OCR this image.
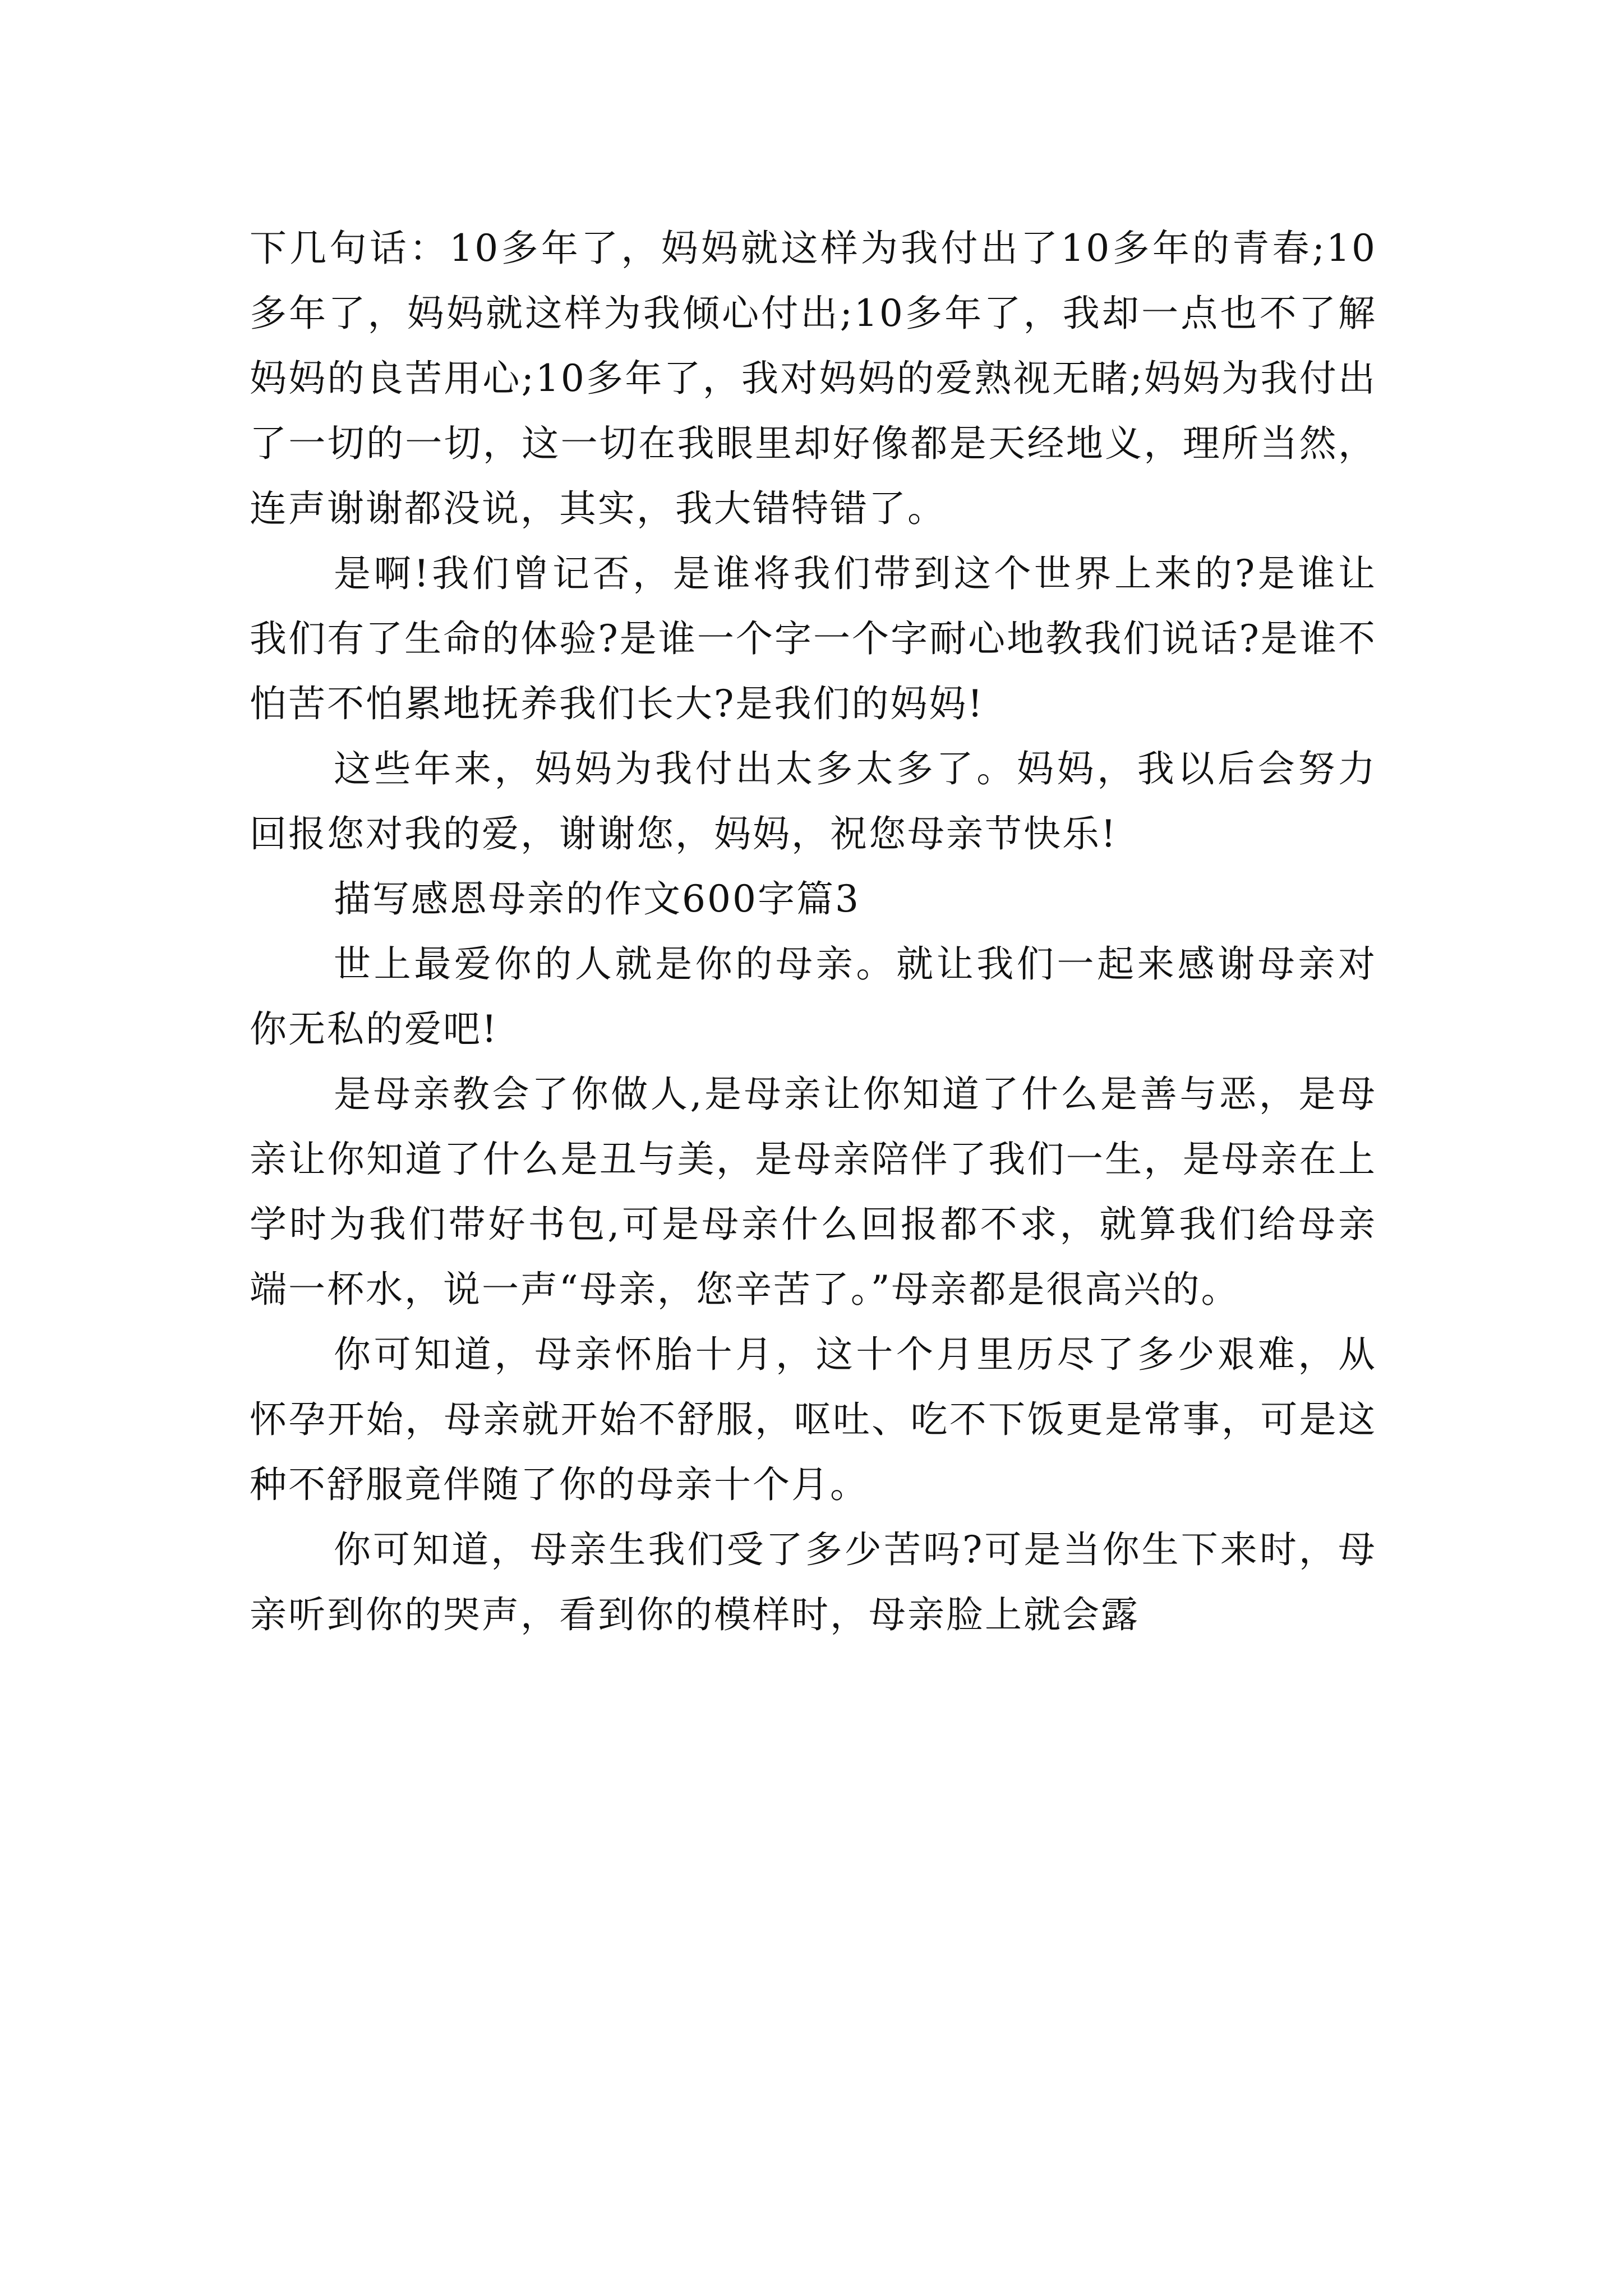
下几句话：10多年了，妈妈就这样为我付出了10多年的青春;10多年了，妈妈就这样为我倾心付出;10多年了，我却一点也不了解妈妈的良苦用心;10多年了，我对妈妈的爱熟视无睹;妈妈为我付出了一切的一切，这一切在我眼里却好像都是天经地义，理所当然，连声谢谢都没说，其实，我大错特错了。

是啊!我们曾记否，是谁将我们带到这个世界上来的?是谁让我们有了生命的体验?是谁一个字一个字耐心地教我们说话?是谁不怕苦不怕累地抚养我们长大?是我们的妈妈!

这些年来，妈妈为我付出太多太多了。妈妈，我以后会努力回报您对我的爱，谢谢您，妈妈，祝您母亲节快乐!

描写感恩母亲的作文600字篇3

世上最爱你的人就是你的母亲。就让我们一起来感谢母亲对你无私的爱吧!

是母亲教会了你做人,是母亲让你知道了什么是善与恶，是母亲让你知道了什么是丑与美，是母亲陪伴了我们一生，是母亲在上学时为我们带好书包,可是母亲什么回报都不求，就算我们给母亲端一杯水，说一声“母亲，您辛苦了。”母亲都是很高兴的。

你可知道，母亲怀胎十月，这十个月里历尽了多少艰难，从怀孕开始，母亲就开始不舒服，呕吐、吃不下饭更是常事，可是这种不舒服竟伴随了你的母亲十个月。

你可知道，母亲生我们受了多少苦吗?可是当你生下来时，母亲听到你的哭声，看到你的模样时，母亲脸上就会露
